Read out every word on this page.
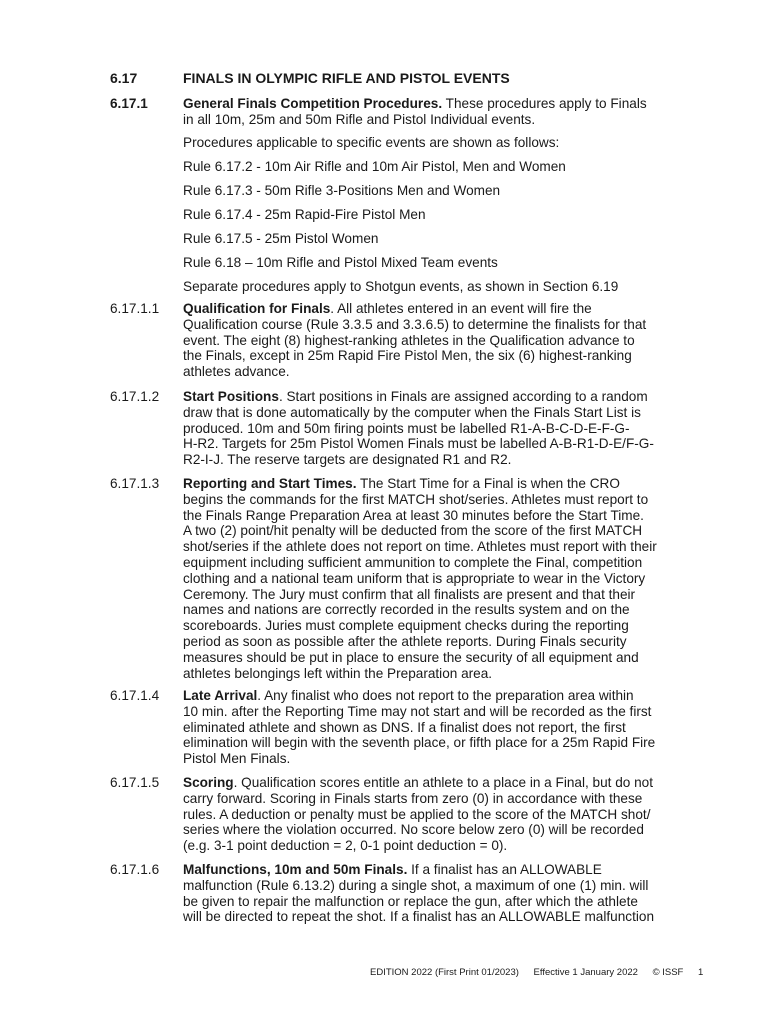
6.17	FINALS IN OLYMPIC RIFLE AND PISTOL EVENTS
6.17.1	General Finals Competition Procedures. These procedures apply to Finals
in all 10m, 25m and 50m Rifle and Pistol Individual events.
Procedures applicable to specific events are shown as follows:
Rule 6.17.2 - 10m Air Rifle and 10m Air Pistol, Men and Women
Rule 6.17.3 - 50m Rifle 3-Positions Men and Women
Rule 6.17.4 - 25m Rapid-Fire Pistol Men
Rule 6.17.5 - 25m Pistol Women
Rule 6.18 – 10m Rifle and Pistol Mixed Team events
Separate procedures apply to Shotgun events, as shown in Section 6.19
6.17.1.1 Qualification for Finals. All athletes entered in an event will fire the
Qualification course (Rule 3.3.5 and 3.3.6.5) to determine the finalists for that
event. The eight (8) highest-ranking athletes in the Qualification advance to
the Finals, except in 25m Rapid Fire Pistol Men, the six (6) highest-ranking
athletes advance.
6.17.1.2 Start Positions. Start positions in Finals are assigned according to a random
draw that is done automatically by the computer when the Finals Start List is
produced. 10m and 50m firing points must be labelled R1-A-B-C-D-E-F-G-
H-R2. Targets for 25m Pistol Women Finals must be labelled A-B-R1-D-E/F-G-
R2-I-J. The reserve targets are designated R1 and R2.
6.17.1.3 Reporting and Start Times. The Start Time for a Final is when the CRO
begins the commands for the first MATCH shot/series. Athletes must report to
the Finals Range Preparation Area at least 30 minutes before the Start Time.
A two (2) point/hit penalty will be deducted from the score of the first MATCH
shot/series if the athlete does not report on time. Athletes must report with their
equipment including sufficient ammunition to complete the Final, competition
clothing and a national team uniform that is appropriate to wear in the Victory
Ceremony. The Jury must confirm that all finalists are present and that their
names and nations are correctly recorded in the results system and on the
scoreboards. Juries must complete equipment checks during the reporting
period as soon as possible after the athlete reports. During Finals security
measures should be put in place to ensure the security of all equipment and
athletes belongings left within the Preparation area.
6.17.1.4 Late Arrival. Any finalist who does not report to the preparation area within
10 min. after the Reporting Time may not start and will be recorded as the first
eliminated athlete and shown as DNS. If a finalist does not report, the first
elimination will begin with the seventh place, or fifth place for a 25m Rapid Fire
Pistol Men Finals.
6.17.1.5 Scoring. Qualification scores entitle an athlete to a place in a Final, but do not
carry forward. Scoring in Finals starts from zero (0) in accordance with these
rules. A deduction or penalty must be applied to the score of the MATCH shot/
series where the violation occurred. No score below zero (0) will be recorded
(e.g. 3-1 point deduction = 2, 0-1 point deduction = 0).
6.17.1.6 Malfunctions, 10m and 50m Finals. If a finalist has an ALLOWABLE
malfunction (Rule 6.13.2) during a single shot, a maximum of one (1) min. will
be given to repair the malfunction or replace the gun, after which the athlete
will be directed to repeat the shot. If a finalist has an ALLOWABLE malfunction
EDITION 2022 (First Print 01/2023) Effective 1 January 2022 © ISSF 1
